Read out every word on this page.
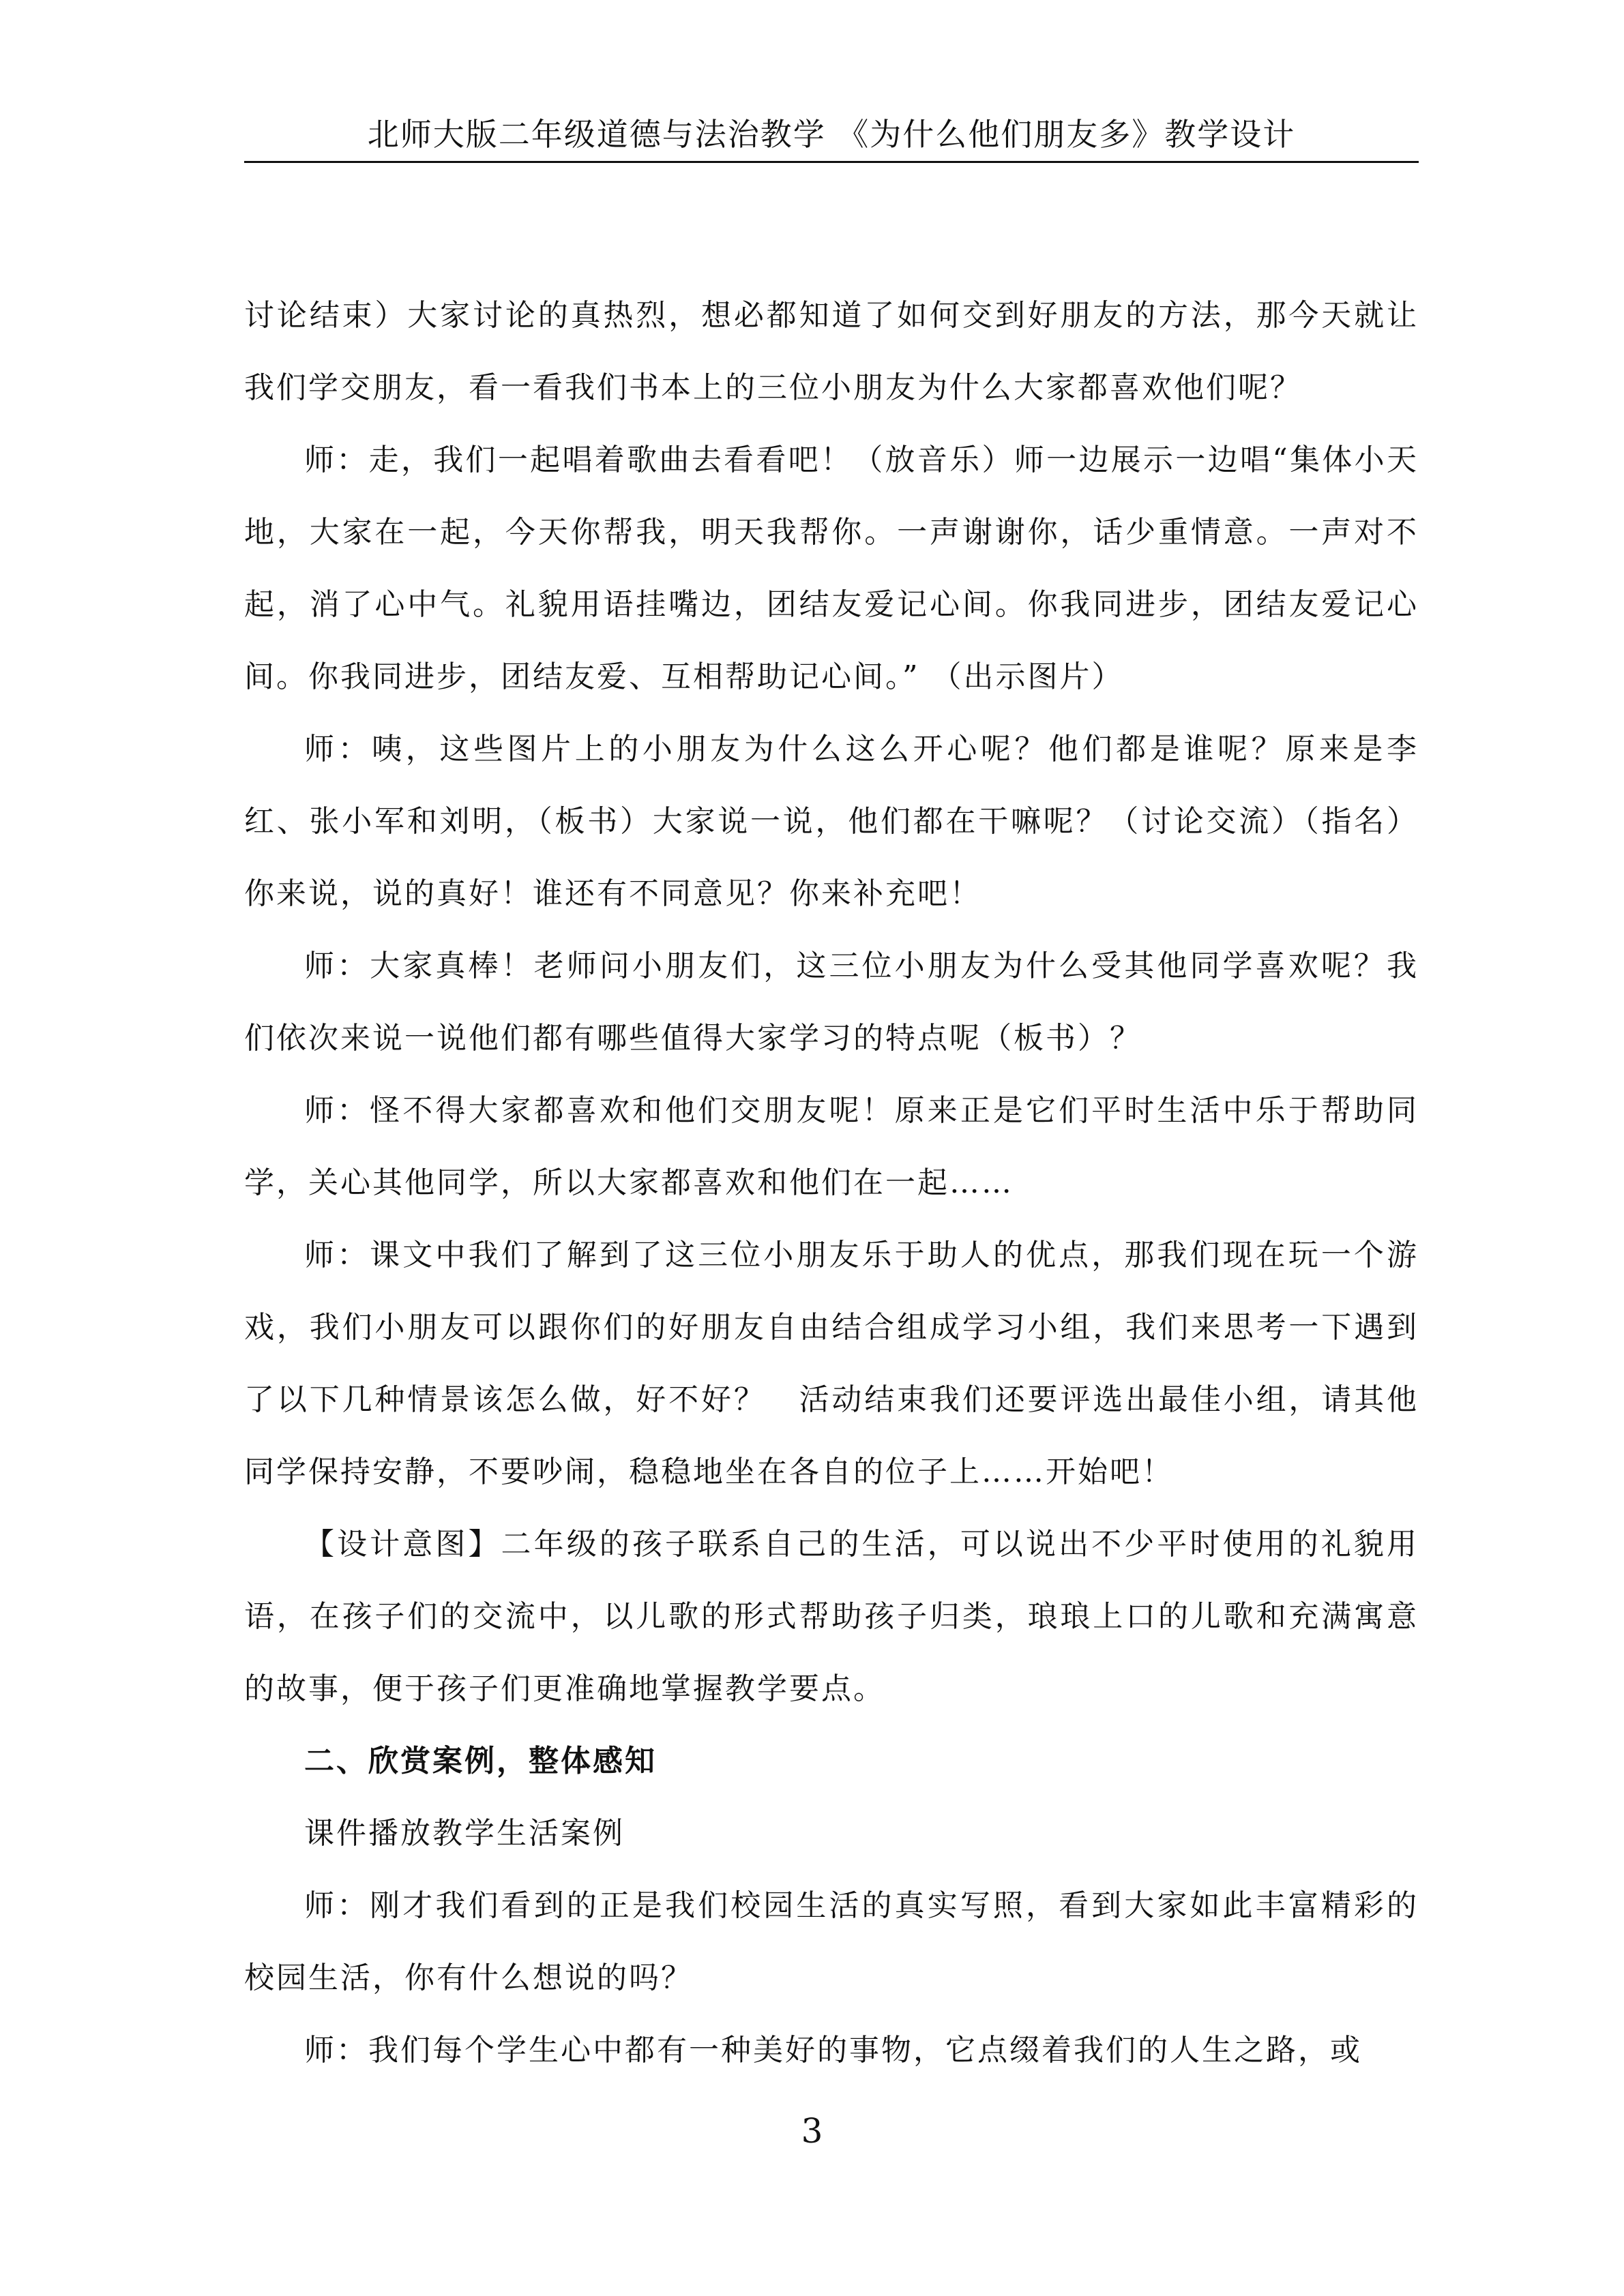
北师大版二年级道德与法治教学 《为什么他们朋友多》教学设计

讨论结束）大家讨论的真热烈，想必都知道了如何交到好朋友的方法，那今天就让我们学交朋友，看一看我们书本上的三位小朋友为什么大家都喜欢他们呢？

师：走，我们一起唱着歌曲去看看吧！（放音乐）师一边展示一边唱“集体小天地，大家在一起，今天你帮我，明天我帮你。一声谢谢你，话少重情意。一声对不起，消了心中气。礼貌用语挂嘴边，团结友爱记心间。你我同进步，团结友爱记心间。你我同进步，团结友爱、互相帮助记心间。” （出示图片）

师：咦，这些图片上的小朋友为什么这么开心呢？他们都是谁呢？原来是李红、张小军和刘明，（板书）大家说一说，他们都在干嘛呢？（讨论交流）（指名）你来说，说的真好！谁还有不同意见？你来补充吧！

师：大家真棒！老师问小朋友们，这三位小朋友为什么受其他同学喜欢呢？我们依次来说一说他们都有哪些值得大家学习的特点呢（板书）？

师：怪不得大家都喜欢和他们交朋友呢！原来正是它们平时生活中乐于帮助同学，关心其他同学，所以大家都喜欢和他们在一起……

师：课文中我们了解到了这三位小朋友乐于助人的优点，那我们现在玩一个游戏，我们小朋友可以跟你们的好朋友自由结合组成学习小组，我们来思考一下遇到了以下几种情景该怎么做，好不好？　活动结束我们还要评选出最佳小组，请其他同学保持安静，不要吵闹，稳稳地坐在各自的位子上……开始吧！

【设计意图】二年级的孩子联系自己的生活，可以说出不少平时使用的礼貌用语，在孩子们的交流中，以儿歌的形式帮助孩子归类，琅琅上口的儿歌和充满寓意的故事，便于孩子们更准确地掌握教学要点。

二、欣赏案例，整体感知

课件播放教学生活案例

师：刚才我们看到的正是我们校园生活的真实写照，看到大家如此丰富精彩的校园生活，你有什么想说的吗？

师：我们每个学生心中都有一种美好的事物，它点缀着我们的人生之路，或

3
